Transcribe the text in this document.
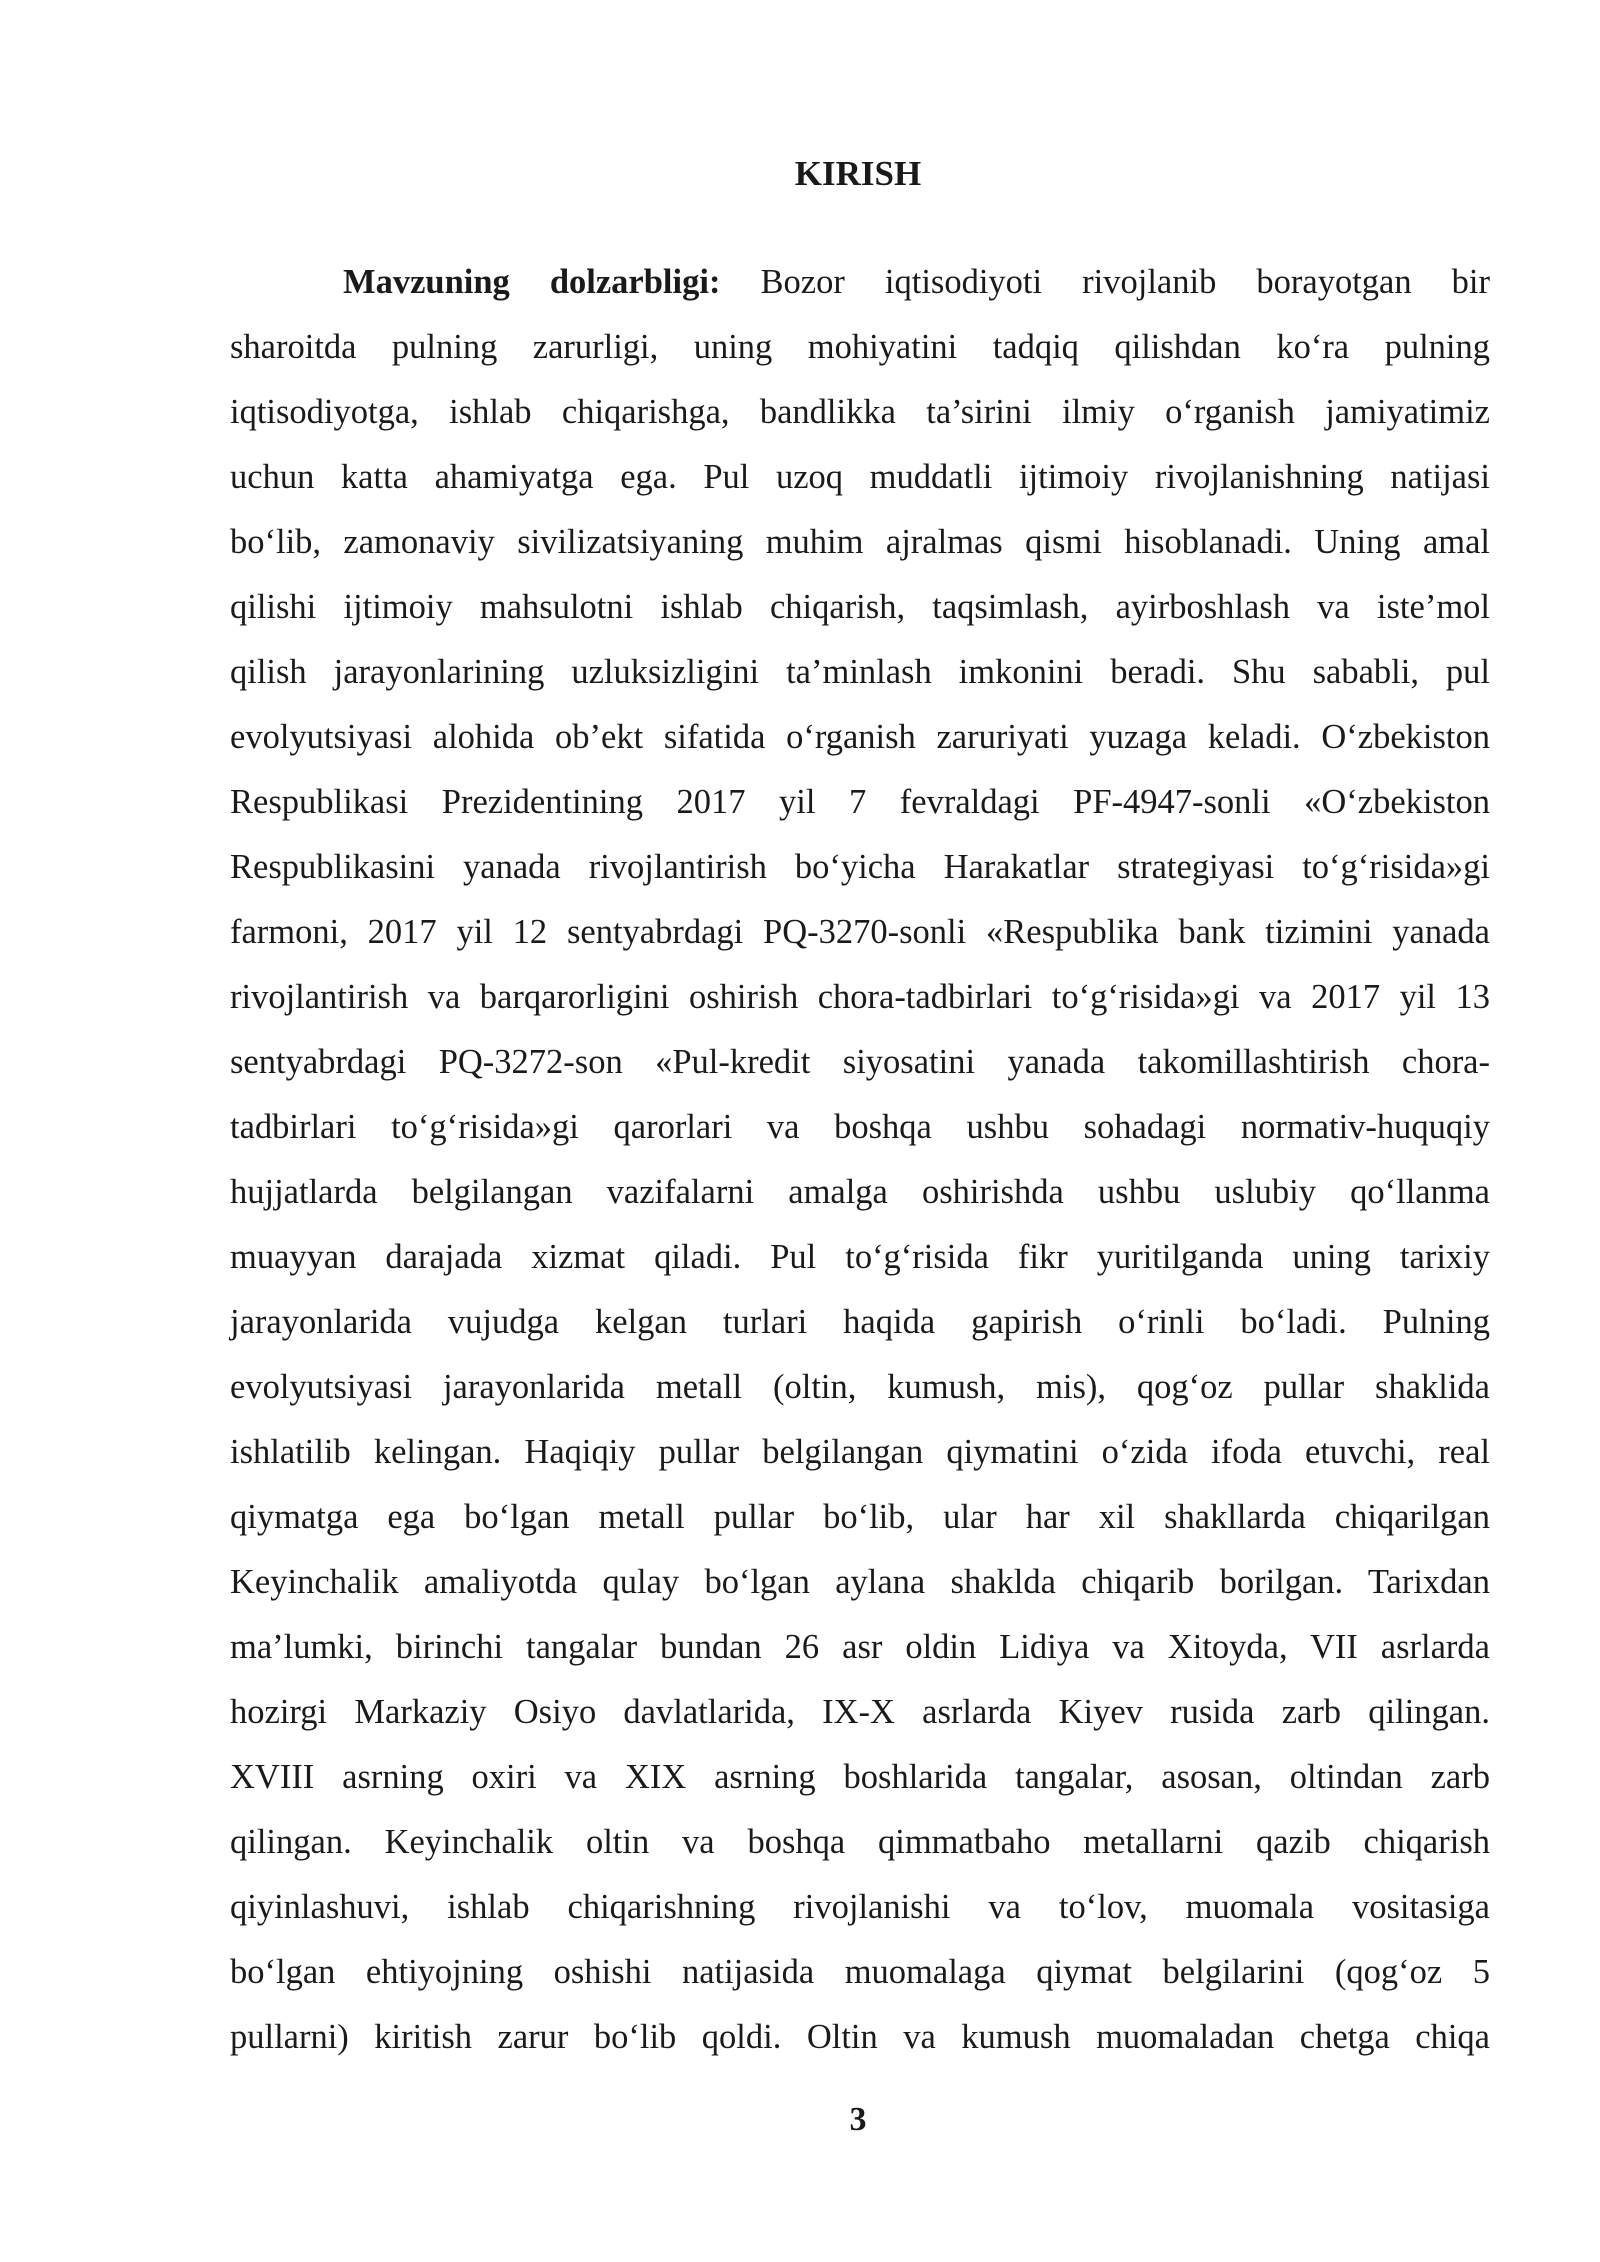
KIRISH
Mavzuning dolzarbligi: Bozor iqtisodiyoti rivojlanib borayotgan bir
sharoitda pulning zarurligi, uning mohiyatini tadqiq qilishdan ko‘ra pulning
iqtisodiyotga, ishlab chiqarishga, bandlikka ta’sirini ilmiy o‘rganish jamiyatimiz
uchun katta ahamiyatga ega. Pul uzoq muddatli ijtimoiy rivojlanishning natijasi
bo‘lib, zamonaviy sivilizatsiyaning muhim ajralmas qismi hisoblanadi. Uning amal
qilishi ijtimoiy mahsulotni ishlab chiqarish, taqsimlash, ayirboshlash va iste’mol
qilish jarayonlarining uzluksizligini ta’minlash imkonini beradi. Shu sababli, pul
evolyutsiyasi alohida ob’ekt sifatida o‘rganish zaruriyati yuzaga keladi. O‘zbekiston
Respublikasi Prezidentining 2017 yil 7 fevraldagi PF-4947-sonli «O‘zbekiston
Respublikasini yanada rivojlantirish bo‘yicha Harakatlar strategiyasi to‘g‘risida»gi
farmoni, 2017 yil 12 sentyabrdagi PQ-3270-sonli «Respublika bank tizimini yanada
rivojlantirish va barqarorligini oshirish chora-tadbirlari to‘g‘risida»gi va 2017 yil 13
sentyabrdagi PQ-3272-son «Pul-kredit siyosatini yanada takomillashtirish chora-
tadbirlari to‘g‘risida»gi qarorlari va boshqa ushbu sohadagi normativ-huquqiy
hujjatlarda belgilangan vazifalarni amalga oshirishda ushbu uslubiy qo‘llanma
muayyan darajada xizmat qiladi. Pul to‘g‘risida fikr yuritilganda uning tarixiy
jarayonlarida vujudga kelgan turlari haqida gapirish o‘rinli bo‘ladi. Pulning
evolyutsiyasi jarayonlarida metall (oltin, kumush, mis), qog‘oz pullar shaklida
ishlatilib kelingan. Haqiqiy pullar belgilangan qiymatini o‘zida ifoda etuvchi, real
qiymatga ega bo‘lgan metall pullar bo‘lib, ular har xil shakllarda chiqarilgan
Keyinchalik amaliyotda qulay bo‘lgan aylana shaklda chiqarib borilgan. Tarixdan
ma’lumki, birinchi tangalar bundan 26 asr oldin Lidiya va Xitoyda, VII asrlarda
hozirgi Markaziy Osiyo davlatlarida, IX-X asrlarda Kiyev rusida zarb qilingan.
XVIII asrning oxiri va XIX asrning boshlarida tangalar, asosan, oltindan zarb
qilingan. Keyinchalik oltin va boshqa qimmatbaho metallarni qazib chiqarish
qiyinlashuvi, ishlab chiqarishning rivojlanishi va to‘lov, muomala vositasiga
bo‘lgan ehtiyojning oshishi natijasida muomalaga qiymat belgilarini (qog‘oz 5
pullarni) kiritish zarur bo‘lib qoldi. Oltin va kumush muomaladan chetga chiqa
3
